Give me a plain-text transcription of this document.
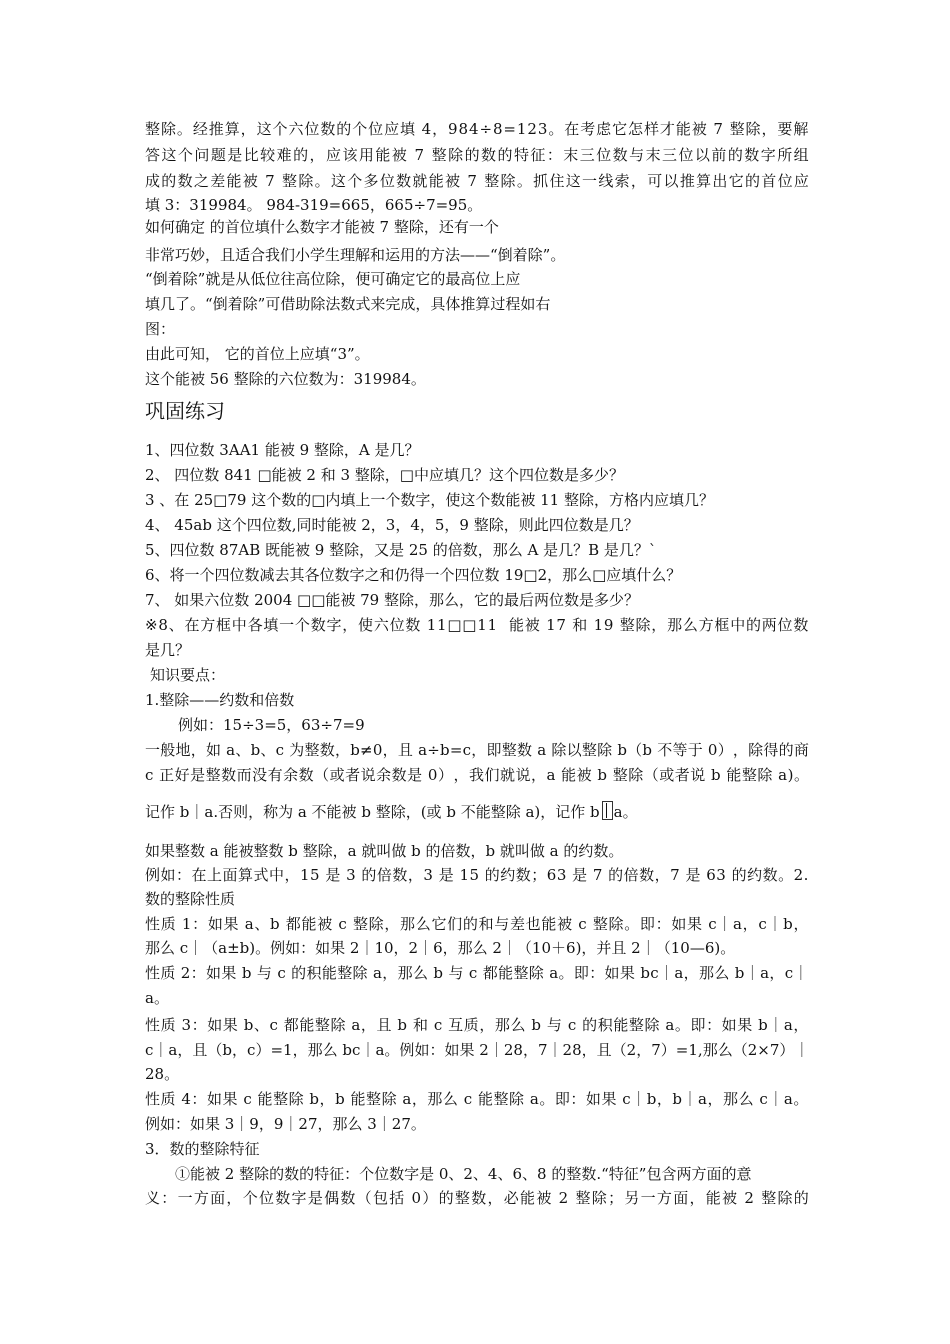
整 除 。 经 推 算 ， 这 个 六 位 数 的 个 位 应 填
4 ， 9 8 4 ÷ 8 = 1 2 3 。 在 考 虑 它 怎 样 才 能 被
7
整 除 ， 要 解
答 这 个 问 题 是 比 较 难 的 ， 应 该 用 能 被
7
整 除 的 数 的 特 征 ： 末 三 位 数 与 末 三 位 以 前 的 数 字 所 组
成 的 数 之 差 能 被
7
整 除 。 这 个 多 位 数 就 能 被
7
整 除 。 抓 住 这 一 线 索 ， 可 以 推 算 出 它 的 首 位 应
填 3：319984。 984-319=665，665÷7=95。
如何确定 的首位填什么数字才能被 7 整除，还有一个
非常巧妙，且适合我们小学生理解和运用的方法——“倒着除”。
“倒着除”就是从低位往高位除，便可确定它的最高位上应
填几了。“倒着除”可借助除法数式来完成，具体推算过程如右
图：
由此可知， 它的首位上应填“3”。
这个能被 56 整除的六位数为：319984。
巩固练习
1、四位数 3AA1 能被 9 整除，A 是几？
2、 四位数 841 □能被 2 和 3 整除，□中应填几？这个四位数是多少？
3 、在 25□79 这个数的□内填上一个数字，使这个数能被 11 整除，方格内应填几？
4、 45ab 这个四位数,同时能被 2，3，4，5，9 整除，则此四位数是几？
5、四位数 87AB 既能被 9 整除，又是 25 的倍数，那么 A 是几？B 是几？`
6、将一个四位数减去其各位数字之和仍得一个四位数 19□2，那么□应填什么？
7、 如果六位数 2004 □□能被 79 整除，那么，它的最后两位数是多少？
※ 8 、 在 方 框 中 各 填 一 个 数 字 ， 使 六 位 数
1 1 □ □ 1 1

能 被
1 7
和
1 9
整 除 ， 那 么 方 框 中 的 两 位 数
是几？
知识要点：
1.整除——约数和倍数
例如：15÷3=5，63÷7=9
一 般 地 ， 如
a 、 b 、 c
为 整 数 ， b ≠ 0 ， 且
a ÷ b = c ， 即 整 数
a
除 以 整 除
b （ b
不 等 于
0 ） ， 除 得 的 商
c
正 好 是 整 数 而 没 有 余 数 （ 或 者 说 余 数 是
0 ） ， 我 们 就 说 ， a
能 被
b
整 除 （ 或 者 说
b
能 整 除
a ) 。
记作 b｜a.否则，称为 a 不能被 b 整除，(或 b 不能整除 a)，记作 b a。
如果整数 a 能被整数 b 整除，a 就叫做 b 的倍数，b 就叫做 a 的约数。
例 如 ： 在 上 面 算 式 中 ， 1 5
是
3
的 倍 数 ， 3
是
1 5
的 约 数 ； 6 3
是
7
的 倍 数 ， 7
是
6 3
的 约 数 。 2 .
数的整除性质
性 质
1 ： 如 果
a 、 b
都 能 被
c
整 除 ， 那 么 它 们 的 和 与 差 也 能 被
c
整 除 。 即 ： 如 果
c ｜ a ， c ｜ b ，
那么 c｜（a±b)。例如：如果 2｜10，2｜6，那么 2｜（10＋6)，并且 2｜（10—6)。
性 质
2 ： 如 果
b
与
c
的 积 能 整 除
a ， 那 么
b
与
c
都 能 整 除
a 。 即 ： 如 果
b c ｜ a ， 那 么
b ｜ a ， c ｜
a。
性 质
3 ： 如 果
b 、 c
都 能 整 除
a ， 且
b
和
c
互 质 ， 那 么
b
与
c
的 积 能 整 除
a 。 即 ： 如 果
b ｜ a ，
c ｜ a ， 且 （ b ， c ） = 1 ， 那 么
b c ｜ a 。 例 如 ： 如 果
2 ｜ 2 8 ， 7 ｜ 2 8 ， 且 （ 2 ， 7 ） = 1 , 那 么 （ 2 × 7 ） ｜
28。
性 质
4 ： 如 果
c
能 整 除
b ， b
能 整 除
a ， 那 么
c
能 整 除
a 。 即 ： 如 果
c ｜ b ， b ｜ a ， 那 么
c ｜ a 。
例如：如果 3｜9，9｜27，那么 3｜27。
3．数的整除特征
①能被 2 整除的数的特征：个位数字是 0、2、4、6、8 的整数.“特征”包含两方面的意
义 ： 一 方 面 ， 个 位 数 字 是 偶 数 （ 包 括
0 ） 的 整 数 ， 必 能 被
2
整 除 ； 另 一 方 面 ， 能 被
2
整 除 的
